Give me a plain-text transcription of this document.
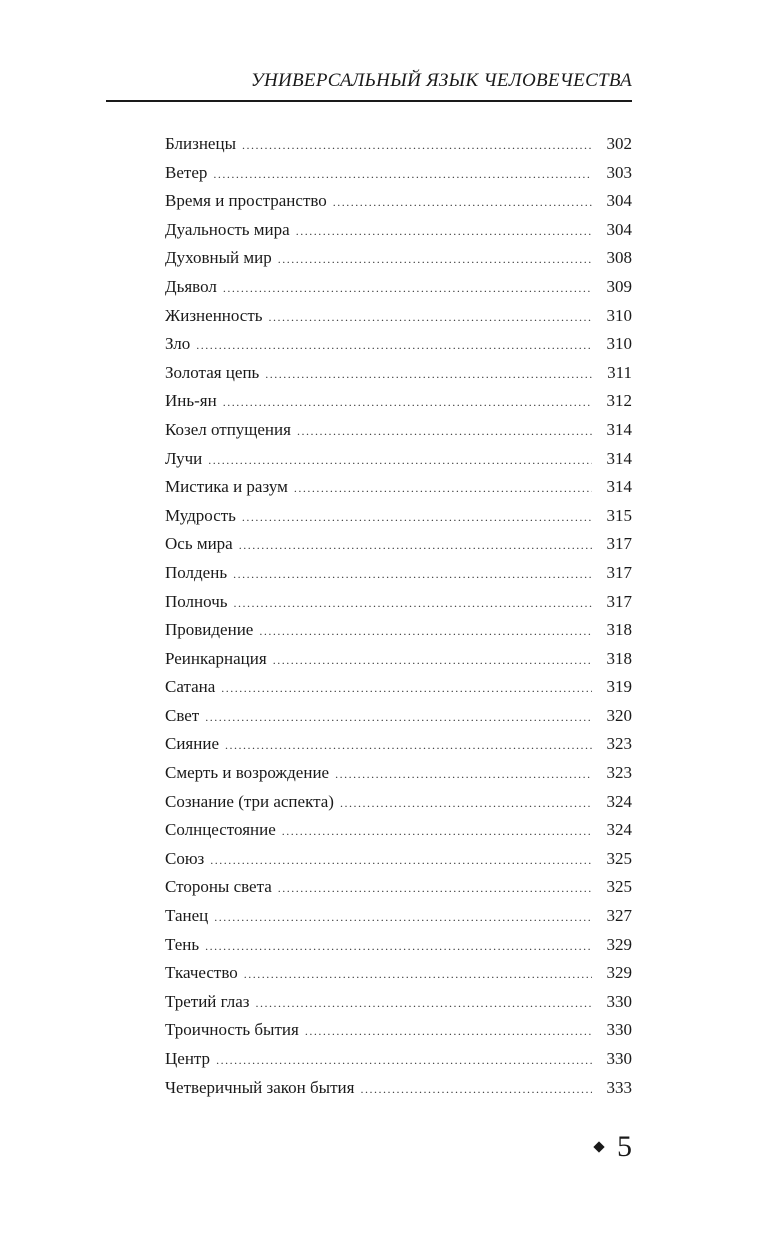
УНИВЕРСАЛЬНЫЙ ЯЗЫК ЧЕЛОВЕЧЕСТВА
Близнецы .....	302
Ветер .....	303
Время и пространство .....	304
Дуальность мира .....	304
Духовный мир .....	308
Дьявол .....	309
Жизненность .....	310
Зло .....	310
Золотая цепь .....	311
Инь-ян .....	312
Козел отпущения .....	314
Лучи .....	314
Мистика и разум .....	314
Мудрость .....	315
Ось мира .....	317
Полдень .....	317
Полночь .....	317
Провидение .....	318
Реинкарнация .....	318
Сатана .....	319
Свет .....	320
Сияние .....	323
Смерть и возрождение .....	323
Сознание (три аспекта) .....	324
Солнцестояние .....	324
Союз .....	325
Стороны света .....	325
Танец .....	327
Тень .....	329
Ткачество .....	329
Третий глаз .....	330
Троичность бытия .....	330
Центр .....	330
Четверичный закон бытия .....	333
5
